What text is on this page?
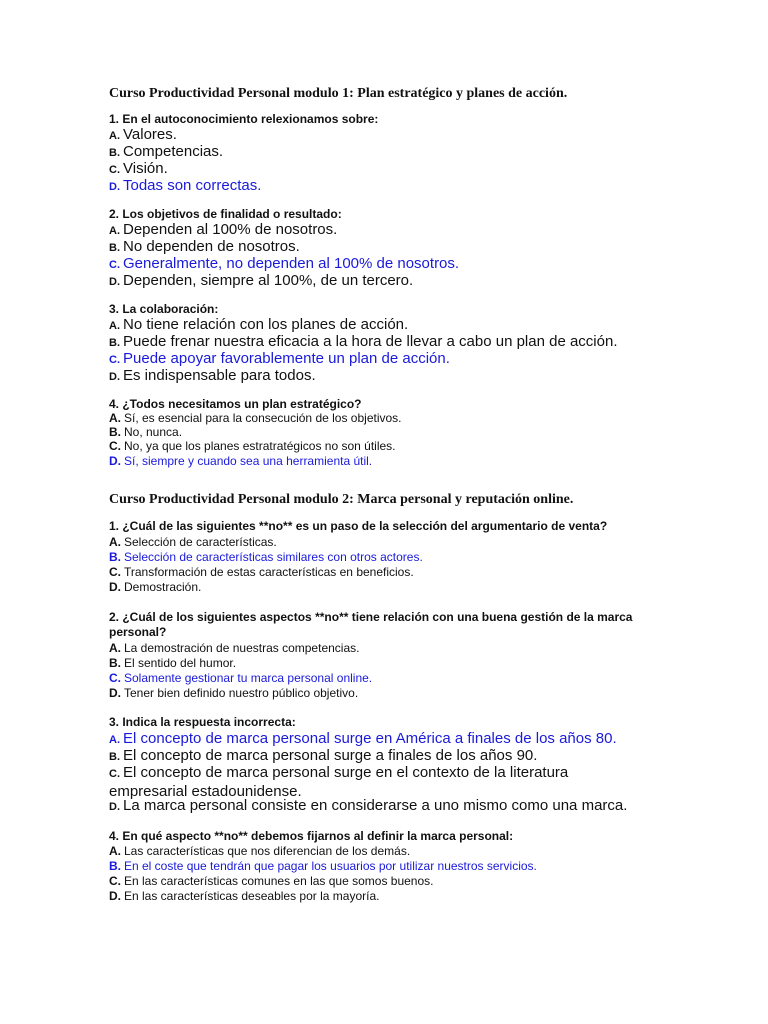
Curso Productividad Personal modulo 1: Plan estratégico y planes de acción.
1. En el autoconocimiento relexionamos sobre:
A. Valores.
B. Competencias.
C. Visión.
D. Todas son correctas.
2. Los objetivos de finalidad o resultado:
A. Dependen al 100% de nosotros.
B. No dependen de nosotros.
C. Generalmente, no dependen al 100% de nosotros.
D. Dependen, siempre al 100%, de un tercero.
3. La colaboración:
A. No tiene relación con los planes de acción.
B. Puede frenar nuestra eficacia a la hora de llevar a cabo un plan de acción.
C. Puede apoyar favorablemente un plan de acción.
D. Es indispensable para todos.
4. ¿Todos necesitamos un plan estratégico?
A. Sí, es esencial para la consecución de los objetivos.
B. No, nunca.
C. No, ya que los planes estratratégicos no son útiles.
D. Sí, siempre y cuando sea una herramienta útil.
Curso Productividad Personal modulo 2: Marca personal y reputación online.
1. ¿Cuál de las siguientes **no** es un paso de la selección del argumentario de venta?
A. Selección de características.
B. Selección de características similares con otros actores.
C. Transformación de estas características en beneficios.
D. Demostración.
2. ¿Cuál de los siguientes aspectos **no** tiene relación con una buena gestión de la marca personal?
A. La demostración de nuestras competencias.
B. El sentido del humor.
C. Solamente gestionar tu marca personal online.
D. Tener bien definido nuestro público objetivo.
3. Indica la respuesta incorrecta:
A. El concepto de marca personal surge en América a finales de los años 80.
B. El concepto de marca personal surge a finales de los años 90.
C. El concepto de marca personal surge en el contexto de la literatura empresarial estadounidense.
D. La marca personal consiste en considerarse a uno mismo como una marca.
4. En qué aspecto **no** debemos fijarnos al definir la marca personal:
A. Las características que nos diferencian de los demás.
B. En el coste que tendrán que pagar los usuarios por utilizar nuestros servicios.
C. En las características comunes en las que somos buenos.
D. En las características deseables por la mayoría.
